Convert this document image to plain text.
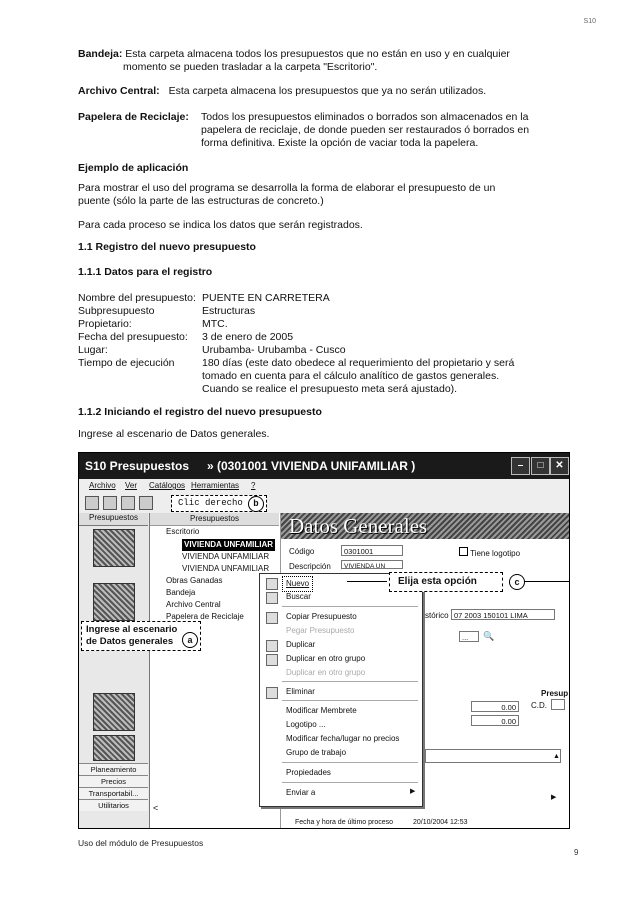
S10
Bandeja: Esta carpeta almacena todos los presupuestos que no están en uso y en cualquier
momento se pueden trasladar a la carpeta "Escritorio".
Archivo Central: Esta carpeta almacena los presupuestos que ya no serán utilizados.
Papelera de Reciclaje: Todos los presupuestos eliminados o borrados son almacenados en la
papelera de reciclaje, de donde pueden ser restaurados ó borrados en
forma definitiva. Existe la opción de vaciar toda la papelera.
Ejemplo de aplicación
Para mostrar el uso del programa se desarrolla la forma de elaborar el presupuesto de un
puente (sólo la parte de las estructuras de concreto.)
Para cada proceso se indica los datos que serán registrados.
1.1 Registro del nuevo presupuesto
1.1.1 Datos para el registro
Nombre del presupuesto: PUENTE EN CARRETERA
Subpresupuesto	Estructuras
Propietario:	MTC.
Fecha del presupuesto: 3 de enero de 2005
Lugar:	Urubamba- Urubamba - Cusco
Tiempo de ejecución	180 días (este dato obedece al requerimiento del propietario y será
tomado en cuenta para el cálculo analítico de gastos generales.
Cuando se realice el presupuesto meta será ajustado).
1.1.2 Iniciando el registro del nuevo presupuesto
Ingrese al escenario de Datos generales.
S10 Presupuestos » (0301001 VIVIENDA UNIFAMILIAR )	–	□	✕
Archivo Ver Catálogos Herramientas ?
Clic derecho	b
Presupuestos
Planeamiento
Precios
Transportabil...
Utilitarios
Presupuestos
Escritorio
VIVIENDA UNFAMILIAR
VIVIENDA UNFAMILIAR
VIVIENDA UNFAMILIAR
Obras Ganadas
Bandeja
Archivo Central
Papelera de Reciclaje
Ingrese al escenario
de Datos generales	a
Datos Generales
Código	0301001	Tiene logotipo
Descripción	VIVIENDA UN
stórico 07 2003 150101 LIMA
...	🔍
Presup
C.D.
0.00
0.00
▲
▶
<
Fecha y hora de último proceso	20/10/2004 12:53
Nuevo
Buscar
Copiar Presupuesto
Pegar Presupuesto
Duplicar
Duplicar en otro grupo
Duplicar en otro grupo
Eliminar
Modificar Membrete
Logotipo ...
Modificar fecha/lugar no precios
Grupo de trabajo
Propiedades
Enviar a	▶
Elija esta opción	c
Uso del módulo de Presupuestos
9
